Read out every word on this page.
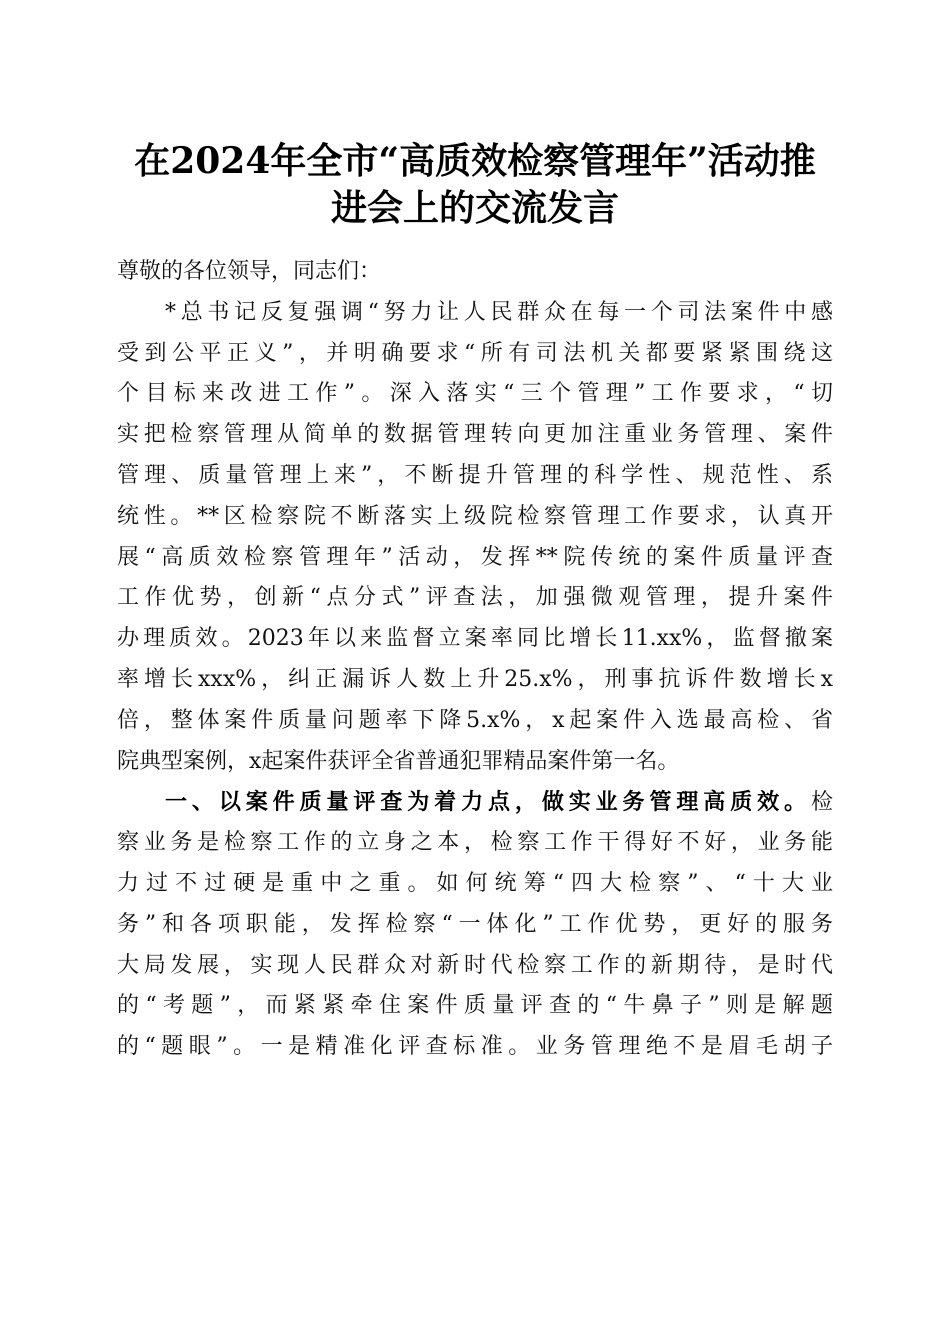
在2024年全市“高质效检察管理年”活动推
进会上的交流发言
尊敬的各位领导，同志们：
*总书记反复强调“努力让人民群众在每一个司法案件中感
受到公平正义”，并明确要求“所有司法机关都要紧紧围绕这
个目标来改进工作”。深入落实“三个管理”工作要求，“切
实把检察管理从简单的数据管理转向更加注重业务管理、案件
管理、质量管理上来”，不断提升管理的科学性、规范性、系
统性。**区检察院不断落实上级院检察管理工作要求，认真开
展“高质效检察管理年”活动，发挥**院传统的案件质量评查
工作优势，创新“点分式”评查法，加强微观管理，提升案件
办理质效。2023年以来监督立案率同比增长11.xx%，监督撤案
率增长xxx%，纠正漏诉人数上升25.x%，刑事抗诉件数增长x
倍，整体案件质量问题率下降5.x%，x起案件入选最高检、省
院典型案例，x起案件获评全省普通犯罪精品案件第一名。
一、以案件质量评查为着力点，做实业务管理高质效。检
察业务是检察工作的立身之本，检察工作干得好不好，业务能
力过不过硬是重中之重。如何统筹“四大检察”、“十大业
务”和各项职能，发挥检察“一体化”工作优势，更好的服务
大局发展，实现人民群众对新时代检察工作的新期待，是时代
的“考题”，而紧紧牵住案件质量评查的“牛鼻子”则是解题
的“题眼”。一是精准化评查标准。业务管理绝不是眉毛胡子
